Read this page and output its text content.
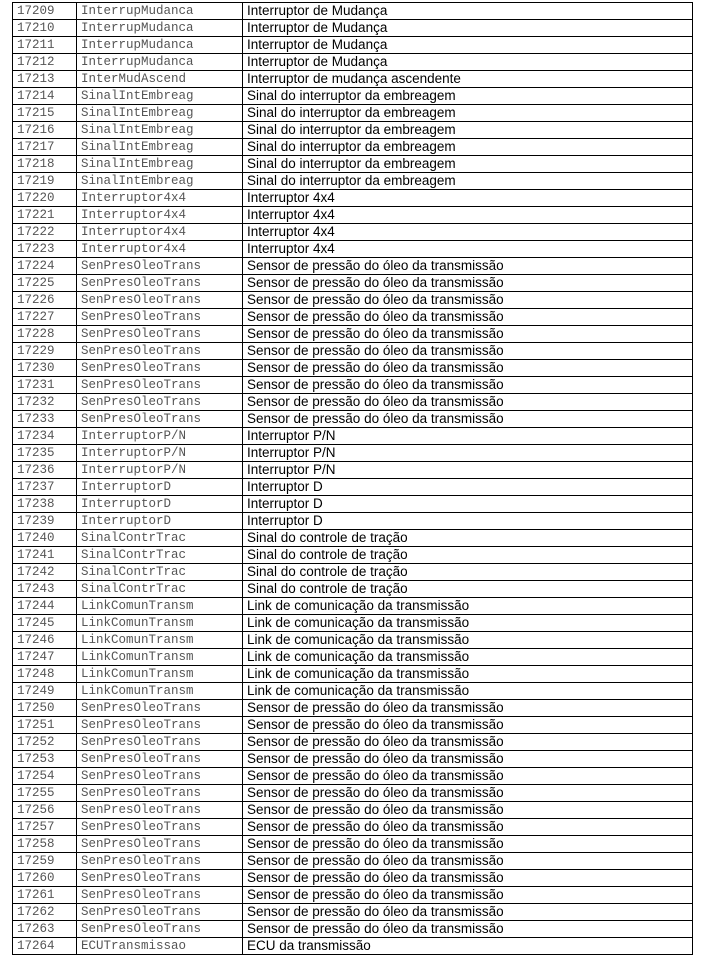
17209	InterrupMudanca	Interruptor de Mudança
17210	InterrupMudanca	Interruptor de Mudança
17211	InterrupMudanca	Interruptor de Mudança
17212	InterrupMudanca	Interruptor de Mudança
17213	InterMudAscend	Interruptor de mudança ascendente
17214	SinalIntEmbreag	Sinal do interruptor da embreagem
17215	SinalIntEmbreag	Sinal do interruptor da embreagem
17216	SinalIntEmbreag	Sinal do interruptor da embreagem
17217	SinalIntEmbreag	Sinal do interruptor da embreagem
17218	SinalIntEmbreag	Sinal do interruptor da embreagem
17219	SinalIntEmbreag	Sinal do interruptor da embreagem
17220	Interruptor4x4	Interruptor 4x4
17221	Interruptor4x4	Interruptor 4x4
17222	Interruptor4x4	Interruptor 4x4
17223	Interruptor4x4	Interruptor 4x4
17224	SenPresOleoTrans	Sensor de pressão do óleo da transmissão
17225	SenPresOleoTrans	Sensor de pressão do óleo da transmissão
17226	SenPresOleoTrans	Sensor de pressão do óleo da transmissão
17227	SenPresOleoTrans	Sensor de pressão do óleo da transmissão
17228	SenPresOleoTrans	Sensor de pressão do óleo da transmissão
17229	SenPresOleoTrans	Sensor de pressão do óleo da transmissão
17230	SenPresOleoTrans	Sensor de pressão do óleo da transmissão
17231	SenPresOleoTrans	Sensor de pressão do óleo da transmissão
17232	SenPresOleoTrans	Sensor de pressão do óleo da transmissão
17233	SenPresOleoTrans	Sensor de pressão do óleo da transmissão
17234	InterruptorP/N	Interruptor P/N
17235	InterruptorP/N	Interruptor P/N
17236	InterruptorP/N	Interruptor P/N
17237	InterruptorD	Interruptor D
17238	InterruptorD	Interruptor D
17239	InterruptorD	Interruptor D
17240	SinalContrTrac	Sinal do controle de tração
17241	SinalContrTrac	Sinal do controle de tração
17242	SinalContrTrac	Sinal do controle de tração
17243	SinalContrTrac	Sinal do controle de tração
17244	LinkComunTransm	Link de comunicação da transmissão
17245	LinkComunTransm	Link de comunicação da transmissão
17246	LinkComunTransm	Link de comunicação da transmissão
17247	LinkComunTransm	Link de comunicação da transmissão
17248	LinkComunTransm	Link de comunicação da transmissão
17249	LinkComunTransm	Link de comunicação da transmissão
17250	SenPresOleoTrans	Sensor de pressão do óleo da transmissão
17251	SenPresOleoTrans	Sensor de pressão do óleo da transmissão
17252	SenPresOleoTrans	Sensor de pressão do óleo da transmissão
17253	SenPresOleoTrans	Sensor de pressão do óleo da transmissão
17254	SenPresOleoTrans	Sensor de pressão do óleo da transmissão
17255	SenPresOleoTrans	Sensor de pressão do óleo da transmissão
17256	SenPresOleoTrans	Sensor de pressão do óleo da transmissão
17257	SenPresOleoTrans	Sensor de pressão do óleo da transmissão
17258	SenPresOleoTrans	Sensor de pressão do óleo da transmissão
17259	SenPresOleoTrans	Sensor de pressão do óleo da transmissão
17260	SenPresOleoTrans	Sensor de pressão do óleo da transmissão
17261	SenPresOleoTrans	Sensor de pressão do óleo da transmissão
17262	SenPresOleoTrans	Sensor de pressão do óleo da transmissão
17263	SenPresOleoTrans	Sensor de pressão do óleo da transmissão
17264	ECUTransmissao	ECU da transmissão
